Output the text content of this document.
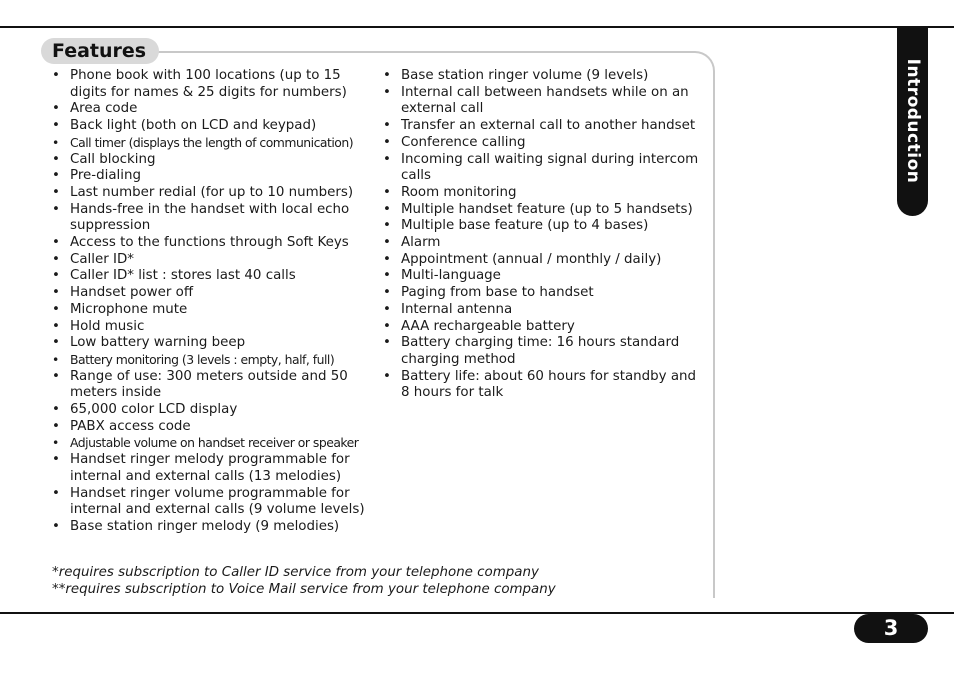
Features
• Phone book with 100 locations (up to 15 digits for names & 25 digits for numbers)
• Area code
• Back light (both on LCD and keypad)
• Call timer (displays the length of communication)
• Call blocking
• Pre-dialing
• Last number redial (for up to 10 numbers)
• Hands-free in the handset with local echo suppression
• Access to the functions through Soft Keys
• Caller ID*
• Caller ID* list : stores last 40 calls
• Handset power off
• Microphone mute
• Hold music
• Low battery warning beep
• Battery monitoring (3 levels : empty, half, full)
• Range of use: 300 meters outside and 50 meters inside
• 65,000 color LCD display
• PABX access code
• Adjustable volume on handset receiver or speaker
• Handset ringer melody programmable for internal and external calls (13 melodies)
• Handset ringer volume programmable for internal and external calls (9 volume levels)
• Base station ringer melody (9 melodies)
• Base station ringer volume (9 levels)
• Internal call between handsets while on an external call
• Transfer an external call to another handset
• Conference calling
• Incoming call waiting signal during intercom calls
• Room monitoring
• Multiple handset feature (up to 5 handsets)
• Multiple base feature (up to 4 bases)
• Alarm
• Appointment (annual / monthly / daily)
• Multi-language
• Paging from base to handset
• Internal antenna
• AAA rechargeable battery
• Battery charging time: 16 hours standard charging method
• Battery life: about 60 hours for standby and 8 hours for talk
*requires subscription to Caller ID service from your telephone company
**requires subscription to Voice Mail service from your telephone company
Introduction
3
